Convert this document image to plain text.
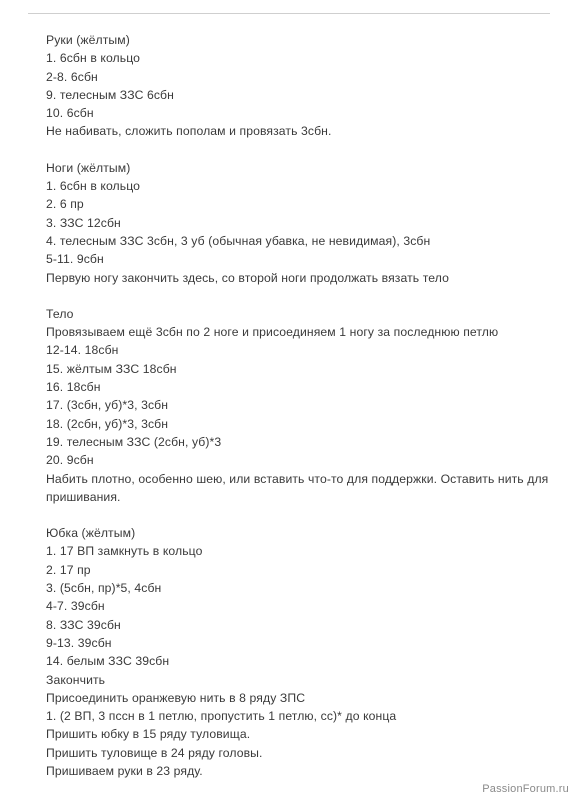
Руки (жёлтым)
1. 6сбн в кольцо
2-8. 6сбн
9. телесным ЗЗС 6сбн
10. 6сбн
Не набивать, сложить пополам и провязать 3сбн.
Ноги (жёлтым)
1. 6сбн в кольцо
2. 6 пр
3. ЗЗС 12сбн
4. телесным ЗЗС 3сбн, 3 уб (обычная убавка, не невидимая), 3сбн
5-11. 9сбн
Первую ногу закончить здесь, со второй ноги продолжать вязать тело
Тело
Провязываем ещё 3сбн по 2 ноге и присоединяем 1 ногу за последнюю петлю
12-14. 18сбн
15. жёлтым ЗЗС 18сбн
16. 18сбн
17. (3сбн, уб)*3, 3сбн
18. (2сбн, уб)*3, 3сбн
19. телесным ЗЗС (2сбн, уб)*3
20. 9сбн
Набить плотно, особенно шею, или вставить что-то для поддержки. Оставить нить для пришивания.
Юбка (жёлтым)
1. 17 ВП замкнуть в кольцо
2. 17 пр
3. (5сбн, пр)*5, 4сбн
4-7. 39сбн
8. ЗЗС 39сбн
9-13. 39сбн
14. белым ЗЗС 39сбн
Закончить
Присоединить оранжевую нить в 8 ряду ЗПС
1. (2 ВП, 3 пссн в 1 петлю, пропустить 1 петлю, сс)* до конца
Пришить юбку в 15 ряду туловища.
Пришить туловище в 24 ряду головы.
Пришиваем руки в 23 ряду.
PassionForum.ru
